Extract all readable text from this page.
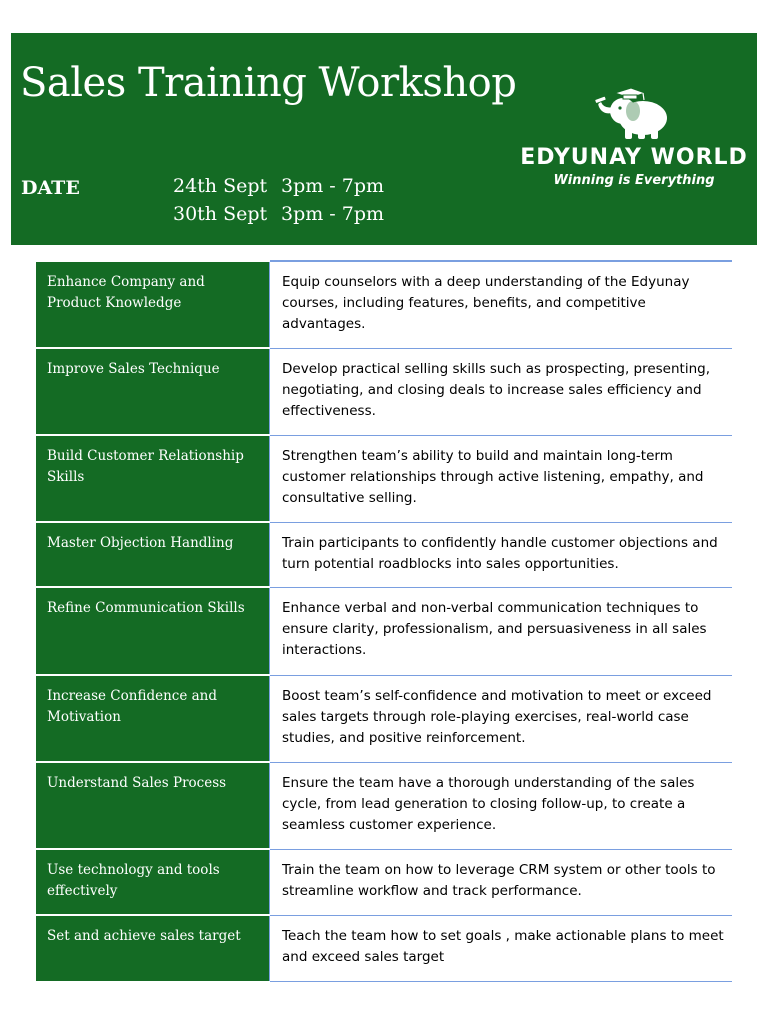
Sales Training Workshop
DATE	24th Sept 3pm - 7pm
30th Sept 3pm - 7pm
EDYUNAY WORLD
Winning is Everything
Enhance Company and Product Knowledge	Equip counselors with a deep understanding of the Edyunay courses, including features, benefits, and competitive advantages.
Improve Sales Technique	Develop practical selling skills such as prospecting, presenting, negotiating, and closing deals to increase sales efficiency and effectiveness.
Build Customer Relationship Skills	Strengthen team’s ability to build and maintain long-term customer relationships through active listening, empathy, and consultative selling.
Master Objection Handling	Train participants to confidently handle customer objections and turn potential roadblocks into sales opportunities.
Refine Communication Skills	Enhance verbal and non-verbal communication techniques to ensure clarity, professionalism, and persuasiveness in all sales interactions.
Increase Confidence and Motivation	Boost team’s self-confidence and motivation to meet or exceed sales targets through role-playing exercises, real-world case studies, and positive reinforcement.
Understand Sales Process	Ensure the team have a thorough understanding of the sales cycle, from lead generation to closing follow-up, to create a seamless customer experience.
Use technology and tools effectively	Train the team on how to leverage CRM system or other tools to streamline workflow and track performance.
Set and achieve sales target	Teach the team how to set goals , make actionable plans to meet and exceed sales target
